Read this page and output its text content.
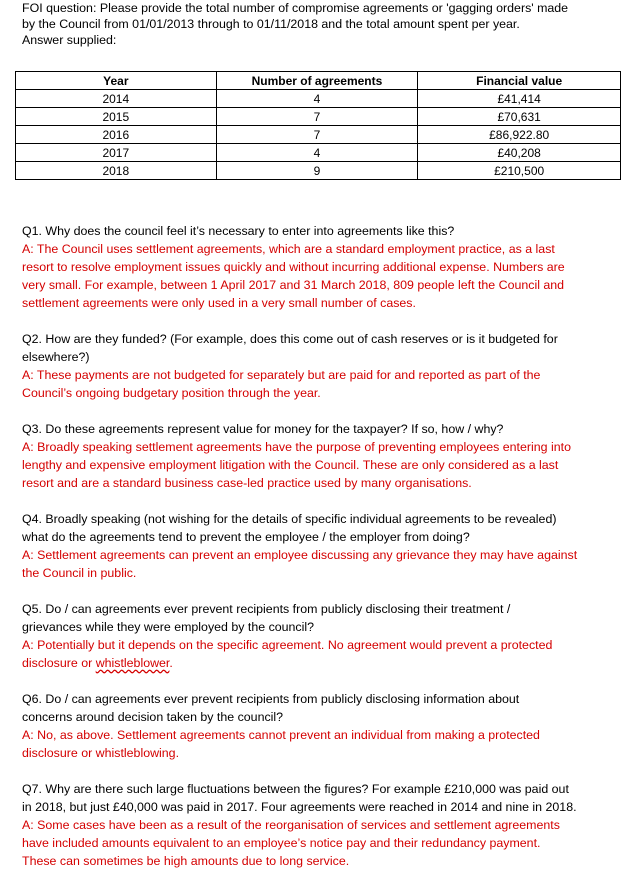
FOI question: Please provide the total number of compromise agreements or 'gagging orders' made
by the Council from 01/01/2013 through to 01/11/2018 and the total amount spent per year.
Answer supplied:
Year	Number of agreements	Financial value
2014	4	£41,414
2015	7	£70,631
2016	7	£86,922.80
2017	4	£40,208
2018	9	£210,500
Q1. Why does the council feel it’s necessary to enter into agreements like this?
A: The Council uses settlement agreements, which are a standard employment practice, as a last
resort to resolve employment issues quickly and without incurring additional expense. Numbers are
very small. For example, between 1 April 2017 and 31 March 2018, 809 people left the Council and
settlement agreements were only used in a very small number of cases.
Q2. How are they funded? (For example, does this come out of cash reserves or is it budgeted for
elsewhere?)
A: These payments are not budgeted for separately but are paid for and reported as part of the
Council’s ongoing budgetary position through the year.
Q3. Do these agreements represent value for money for the taxpayer? If so, how / why?
A: Broadly speaking settlement agreements have the purpose of preventing employees entering into
lengthy and expensive employment litigation with the Council. These are only considered as a last
resort and are a standard business case-led practice used by many organisations.
Q4. Broadly speaking (not wishing for the details of specific individual agreements to be revealed)
what do the agreements tend to prevent the employee / the employer from doing?
A: Settlement agreements can prevent an employee discussing any grievance they may have against
the Council in public.
Q5. Do / can agreements ever prevent recipients from publicly disclosing their treatment /
grievances while they were employed by the council?
A: Potentially but it depends on the specific agreement. No agreement would prevent a protected
disclosure or whistleblower.
Q6. Do / can agreements ever prevent recipients from publicly disclosing information about
concerns around decision taken by the council?
A: No, as above. Settlement agreements cannot prevent an individual from making a protected
disclosure or whistleblowing.
Q7. Why are there such large fluctuations between the figures? For example £210,000 was paid out
in 2018, but just £40,000 was paid in 2017. Four agreements were reached in 2014 and nine in 2018.
A: Some cases have been as a result of the reorganisation of services and settlement agreements
have included amounts equivalent to an employee’s notice pay and their redundancy payment.
These can sometimes be high amounts due to long service.
